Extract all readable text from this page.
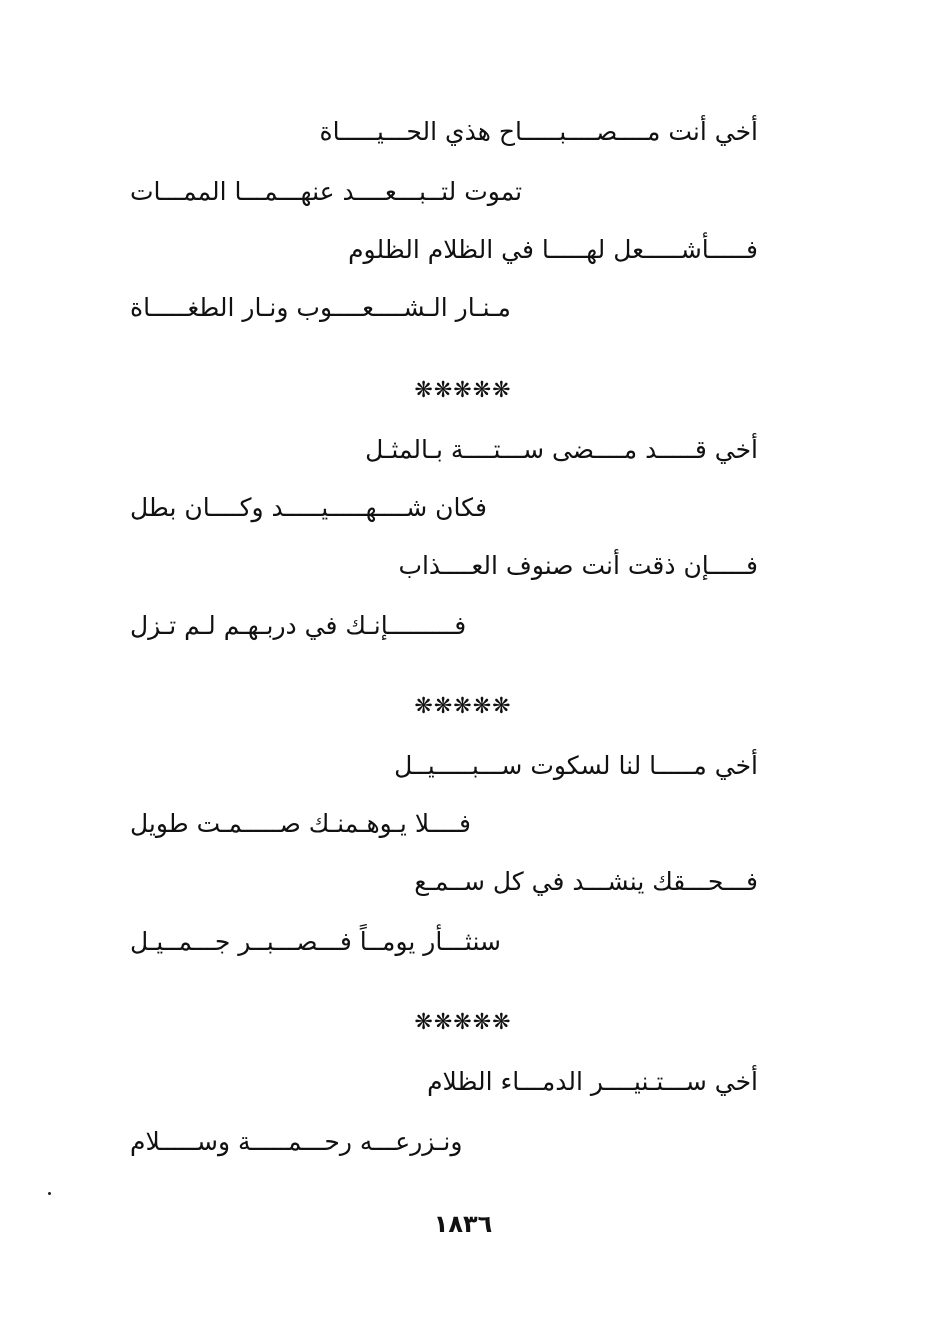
أخي أنت مــــصــــبـــــاح هذي الحـــيـــــاة
تموت لتــبـــعــــد عنهـــمـــا الممـــات
فـــــأشـــــعل لهـــــا في الظلام الظلوم
مـنـار الـشــــعــــوب ونـار الطغـــــاة
❋❋❋❋❋
أخي قـــــد مــــضى ســـتــــة بـالمثـل
فكان شــــهـــــيـــــد وكــــان بطل
فـــــإن ذقت أنت صنوف العــــذاب
فـــــــــإنـك في دربـهـم لـم تـزل
❋❋❋❋❋
أخي مـــــا لنا لسكوت ســـبـــــيــل
فــــلا يـوهـمنـك صـــــمـت طويل
فـــحـــقك ينشـــد في كل ســمـع
سنثـــأر يومــاً فـــصـــبــر جـــمــيـل
❋❋❋❋❋
أخي ســـتـنيــــر الدمـــاء الظلام
ونـزرعـــه رحـــمـــــة وســـــلام
١٨٣٦
